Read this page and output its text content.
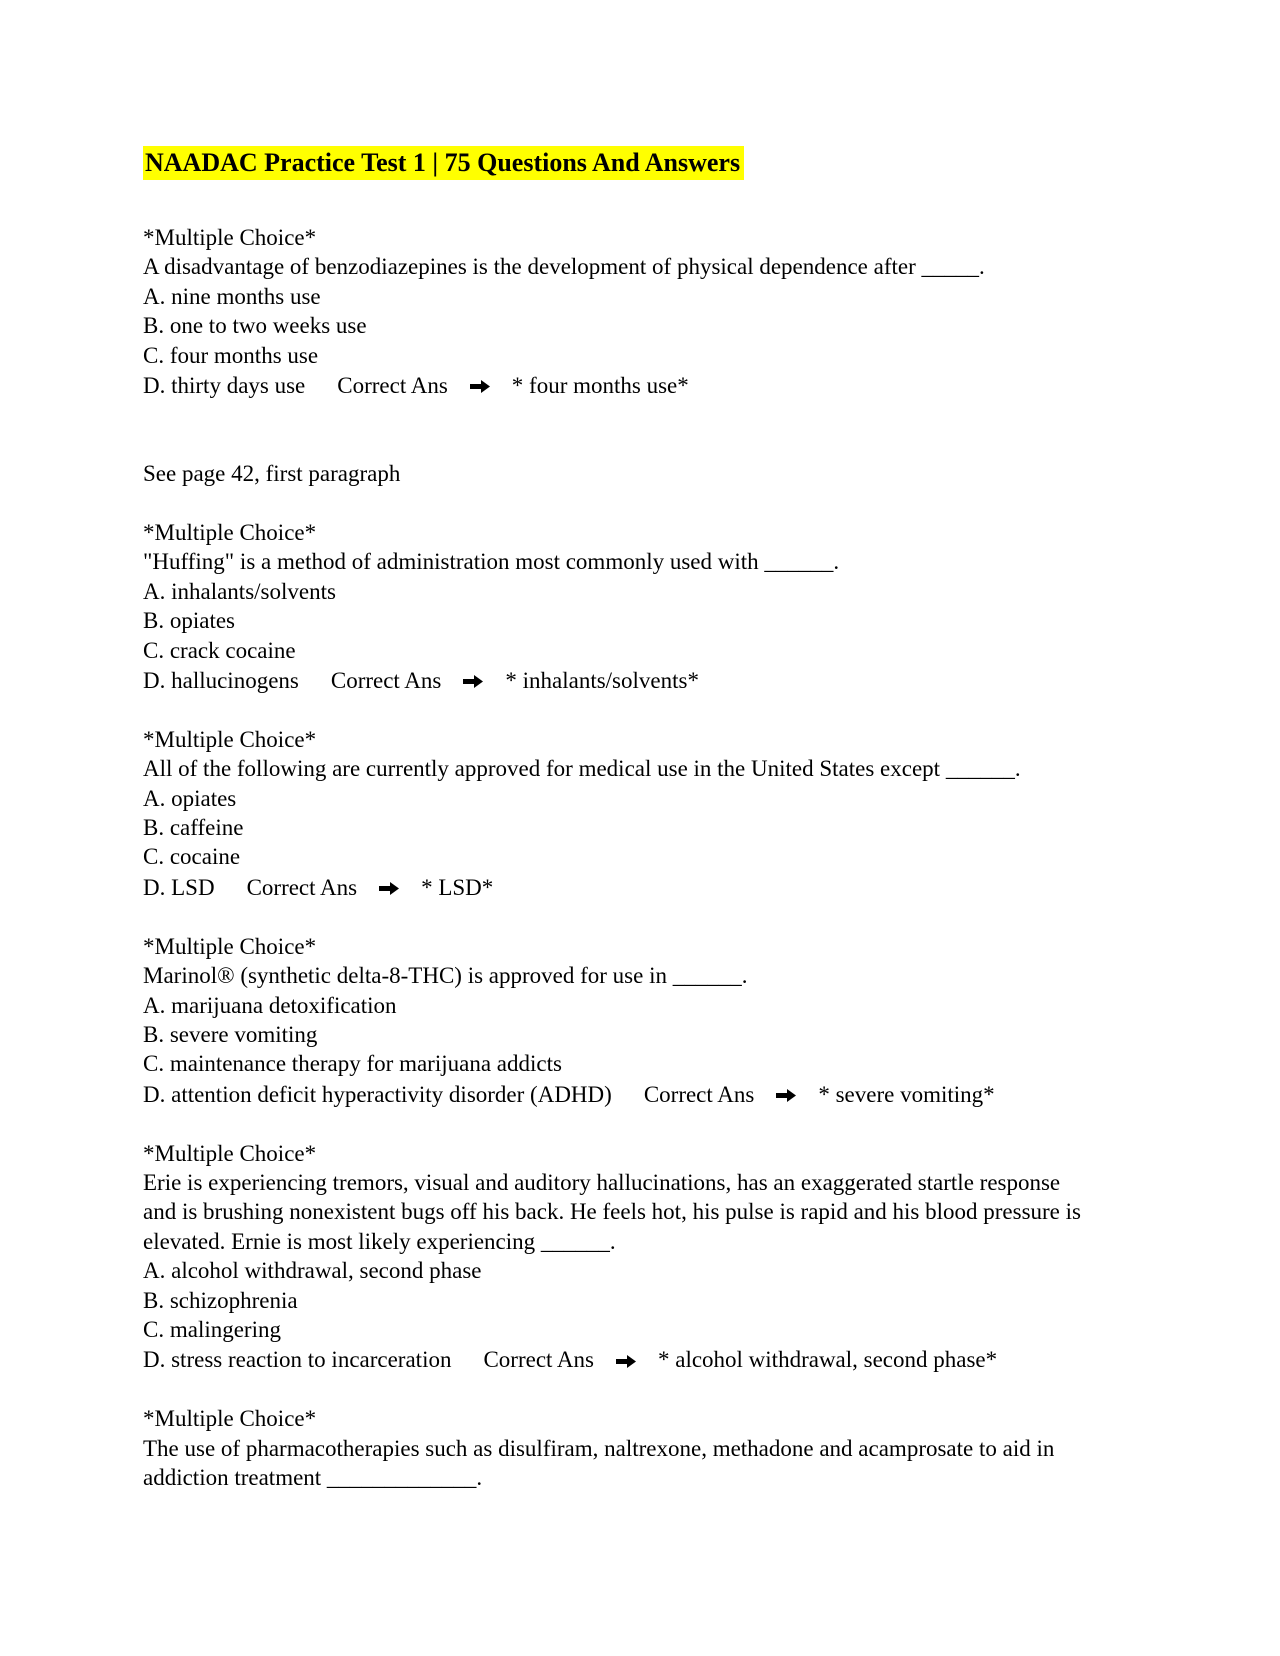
NAADAC Practice Test 1 | 75 Questions And Answers
*Multiple Choice*
A disadvantage of benzodiazepines is the development of physical dependence after _____.
A. nine months use
B. one to two weeks use
C. four months use
D. thirty days use Correct Ans	* four months use*

See page 42, first paragraph

*Multiple Choice*
"Huffing" is a method of administration most commonly used with ______.
A. inhalants/solvents
B. opiates
C. crack cocaine
D. hallucinogens Correct Ans	* inhalants/solvents*
*Multiple Choice*
All of the following are currently approved for medical use in the United States except ______.
A. opiates
B. caffeine
C. cocaine
D. LSD Correct Ans	* LSD*
*Multiple Choice*
Marinol® (synthetic delta-8-THC) is approved for use in ______.
A. marijuana detoxification
B. severe vomiting
C. maintenance therapy for marijuana addicts
D. attention deficit hyperactivity disorder (ADHD) Correct Ans	* severe vomiting*
*Multiple Choice*
Erie is experiencing tremors, visual and auditory hallucinations, has an exaggerated startle response and is brushing nonexistent bugs off his back. He feels hot, his pulse is rapid and his blood pressure is elevated. Ernie is most likely experiencing ______.
A. alcohol withdrawal, second phase
B. schizophrenia
C. malingering
D. stress reaction to incarceration Correct Ans	* alcohol withdrawal, second phase*
*Multiple Choice*
The use of pharmacotherapies such as disulfiram, naltrexone, methadone and acamprosate to aid in addiction treatment _____________.
